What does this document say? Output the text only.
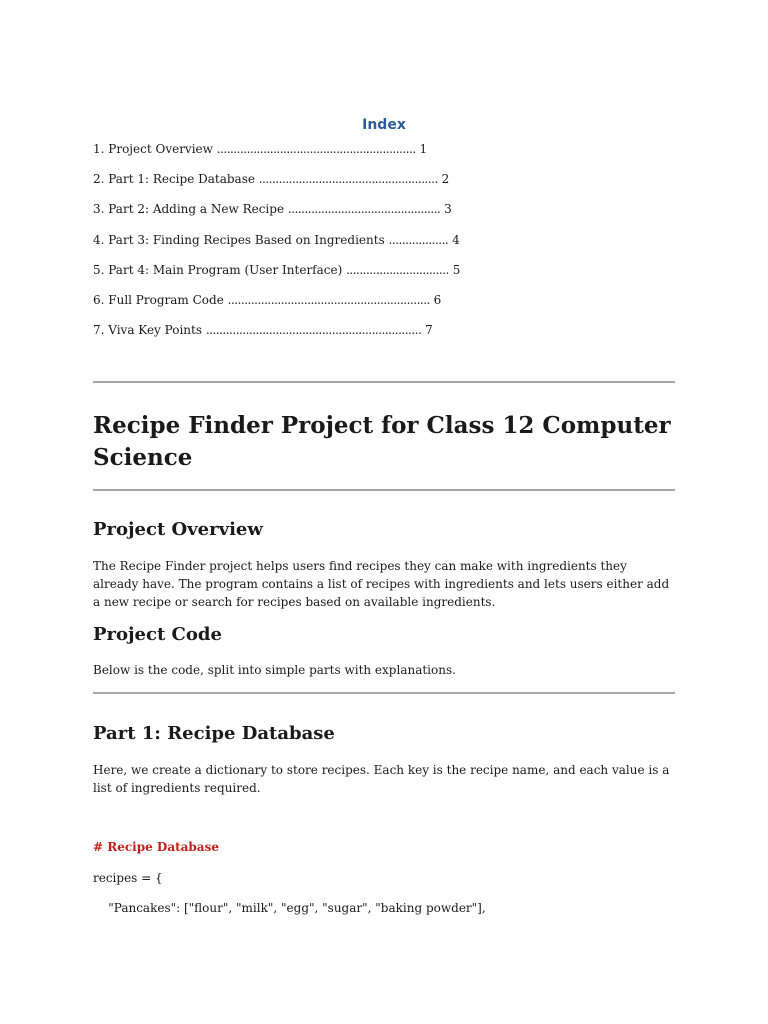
Index
1. Project Overview ............................................................ 1
2. Part 1: Recipe Database ...................................................... 2
3. Part 2: Adding a New Recipe .............................................. 3
4. Part 3: Finding Recipes Based on Ingredients .................. 4
5. Part 4: Main Program (User Interface) ............................... 5
6. Full Program Code ............................................................. 6
7. Viva Key Points ................................................................. 7
Recipe Finder Project for Class 12 Computer Science
Project Overview

The Recipe Finder project helps users find recipes they can make with ingredients they already have. The program contains a list of recipes with ingredients and lets users either add a new recipe or search for recipes based on available ingredients.

Project Code

Below is the code, split into simple parts with explanations.

Part 1: Recipe Database

Here, we create a dictionary to store recipes. Each key is the recipe name, and each value is a list of ingredients required.

# Recipe Database

recipes = {

"Pancakes": ["flour", "milk", "egg", "sugar", "baking powder"],
